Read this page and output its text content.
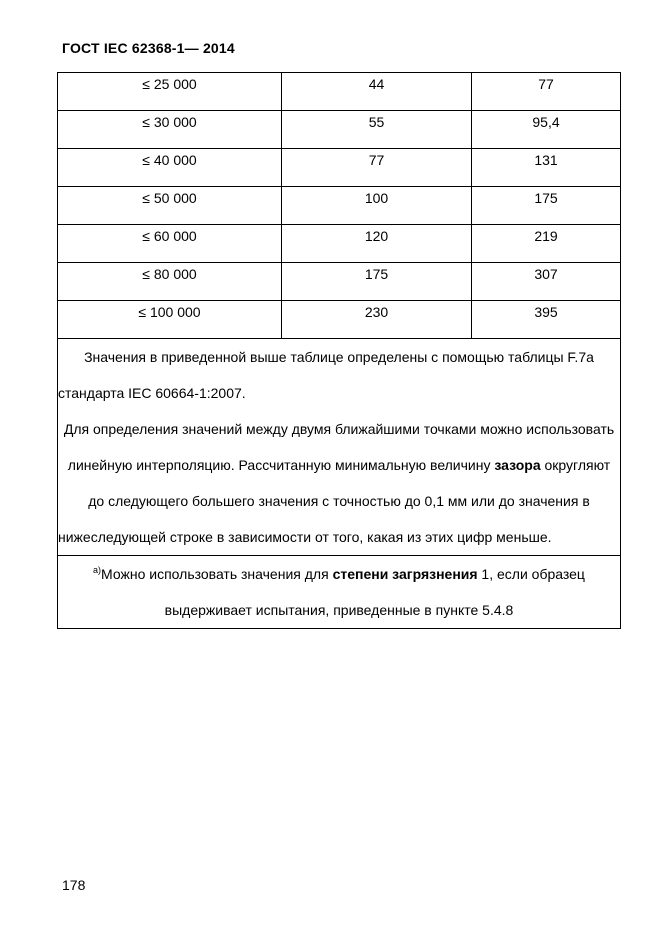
ГОСТ IEC 62368-1— 2014
≤ 25 000	44	77

≤ 30 000	55	95,4

≤ 40 000	77	131

≤ 50 000	100	175

≤ 60 000	120	219

≤ 80 000	175	307

≤ 100 000	230	395

Значения в приведенной выше таблице определены с помощью таблицы F.7a стандарта IEC 60664-1:2007.

Для определения значений между двумя ближайшими точками можно использовать линейную интерполяцию. Рассчитанную минимальную величину зазора округляют до следующего большего значения с точностью до 0,1 мм или до значения в нижеследующей строке в зависимости от того, какая из этих цифр меньше.		

$^{a)}$Можно использовать значения для степени загрязнения 1, если образец выдерживает испытания, приведенные в пункте 5.4.8		
178
